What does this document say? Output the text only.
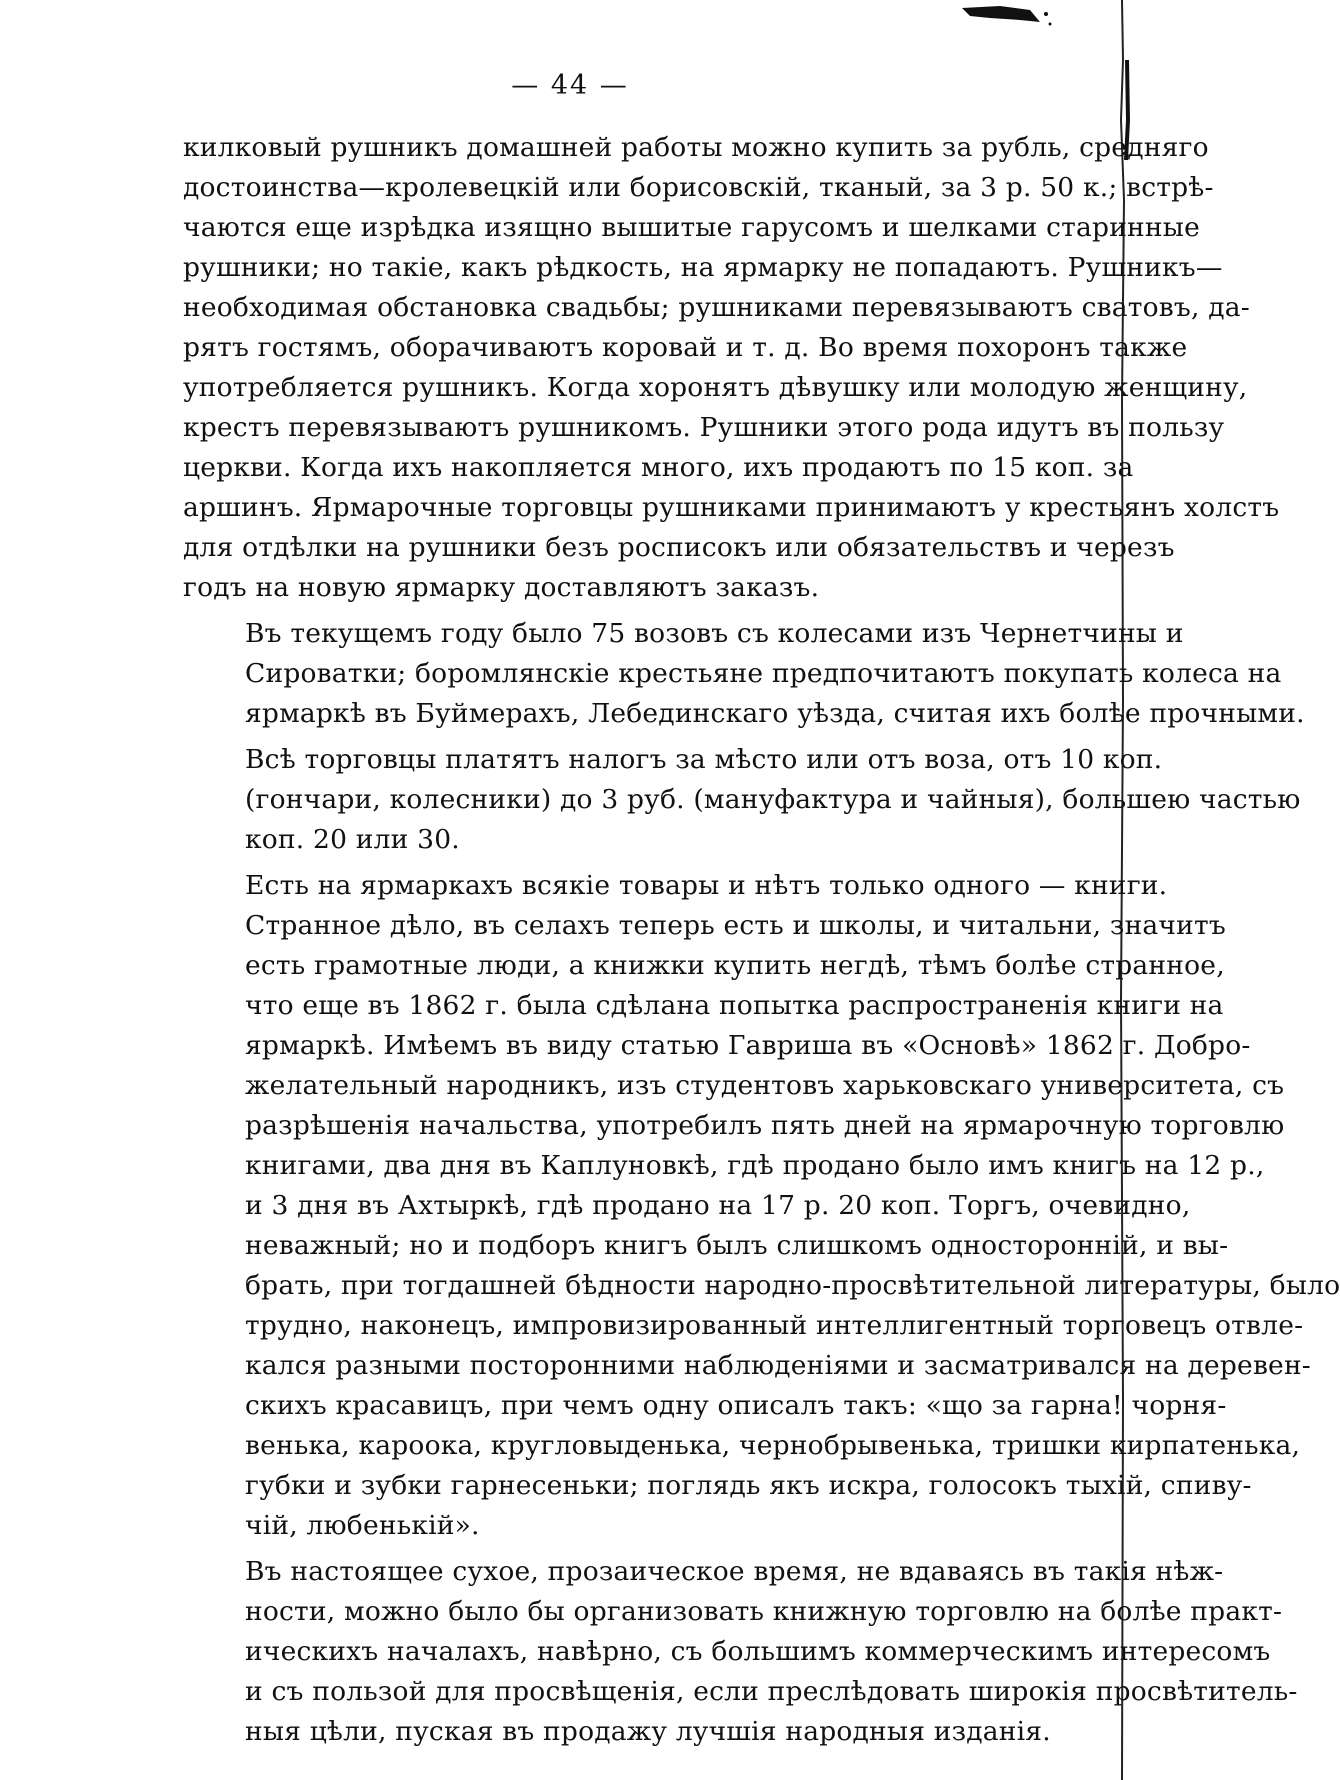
— 44 —

килковый рушникъ домашней работы можно купить за рубль, средняго
достоинства—кролевецкій или борисовскій, тканый, за 3 р. 50 к.; встрѣ-
чаются еще изрѣдка изящно вышитые гарусомъ и шелками старинные
рушники; но такіе, какъ рѣдкость, на ярмарку не попадаютъ. Рушникъ—
необходимая обстановка свадьбы; рушниками перевязываютъ сватовъ, да-
рятъ гостямъ, оборачиваютъ коровай и т. д. Во время похоронъ также
употребляется рушникъ. Когда хоронятъ дѣвушку или молодую женщину,
крестъ перевязываютъ рушникомъ. Рушники этого рода идутъ въ пользу
церкви. Когда ихъ накопляется много, ихъ продаютъ по 15 коп. за
аршинъ. Ярмарочные торговцы рушниками принимаютъ у крестьянъ холстъ
для отдѣлки на рушники безъ росписокъ или обязательствъ и черезъ
годъ на новую ярмарку доставляютъ заказъ.

Въ текущемъ году было 75 возовъ съ колесами изъ Чернетчины и
Сироватки; боромлянскіе крестьяне предпочитаютъ покупать колеса на
ярмаркѣ въ Буймерахъ, Лебединскаго уѣзда, считая ихъ болѣе прочными.

Всѣ торговцы платятъ налогъ за мѣсто или отъ воза, отъ 10 коп.
(гончари, колесники) до 3 руб. (мануфактура и чайныя), большею частью
коп. 20 или 30.

Есть на ярмаркахъ всякіе товары и нѣтъ только одного — книги.
Странное дѣло, въ селахъ теперь есть и школы, и читальни, значитъ
есть грамотные люди, а книжки купить негдѣ, тѣмъ болѣе странное,
что еще въ 1862 г. была сдѣлана попытка распространенія книги на
ярмаркѣ. Имѣемъ въ виду статью Гавриша въ «Основѣ» 1862 г. Добро-
желательный народникъ, изъ студентовъ харьковскаго университета, съ
разрѣшенія начальства, употребилъ пять дней на ярмарочную торговлю
книгами, два дня въ Каплуновкѣ, гдѣ продано было имъ книгъ на 12 р.,
и 3 дня въ Ахтыркѣ, гдѣ продано на 17 р. 20 коп. Торгъ, очевидно,
неважный; но и подборъ книгъ былъ слишкомъ односторонній, и вы-
брать, при тогдашней бѣдности народно-просвѣтительной литературы, было
трудно, наконецъ, импровизированный интеллигентный торговецъ отвле-
кался разными посторонними наблюденіями и засматривался на деревен-
скихъ красавицъ, при чемъ одну описалъ такъ: «що за гарна! чорня-
венька, кароока, кругловыденька, чернобрывенька, тришки кирпатенька,
губки и зубки гарнесеньки; поглядь якъ искра, голосокъ тыхій, спиву-
чій, любенькій».

Въ настоящее сухое, прозаическое время, не вдаваясь въ такія нѣж-
ности, можно было бы организовать книжную торговлю на болѣе практ-
ическихъ началахъ, навѣрно, съ большимъ коммерческимъ интересомъ
и съ пользой для просвѣщенія, если преслѣдовать широкія просвѣтитель-
ныя цѣли, пуская въ продажу лучшія народныя изданія.
